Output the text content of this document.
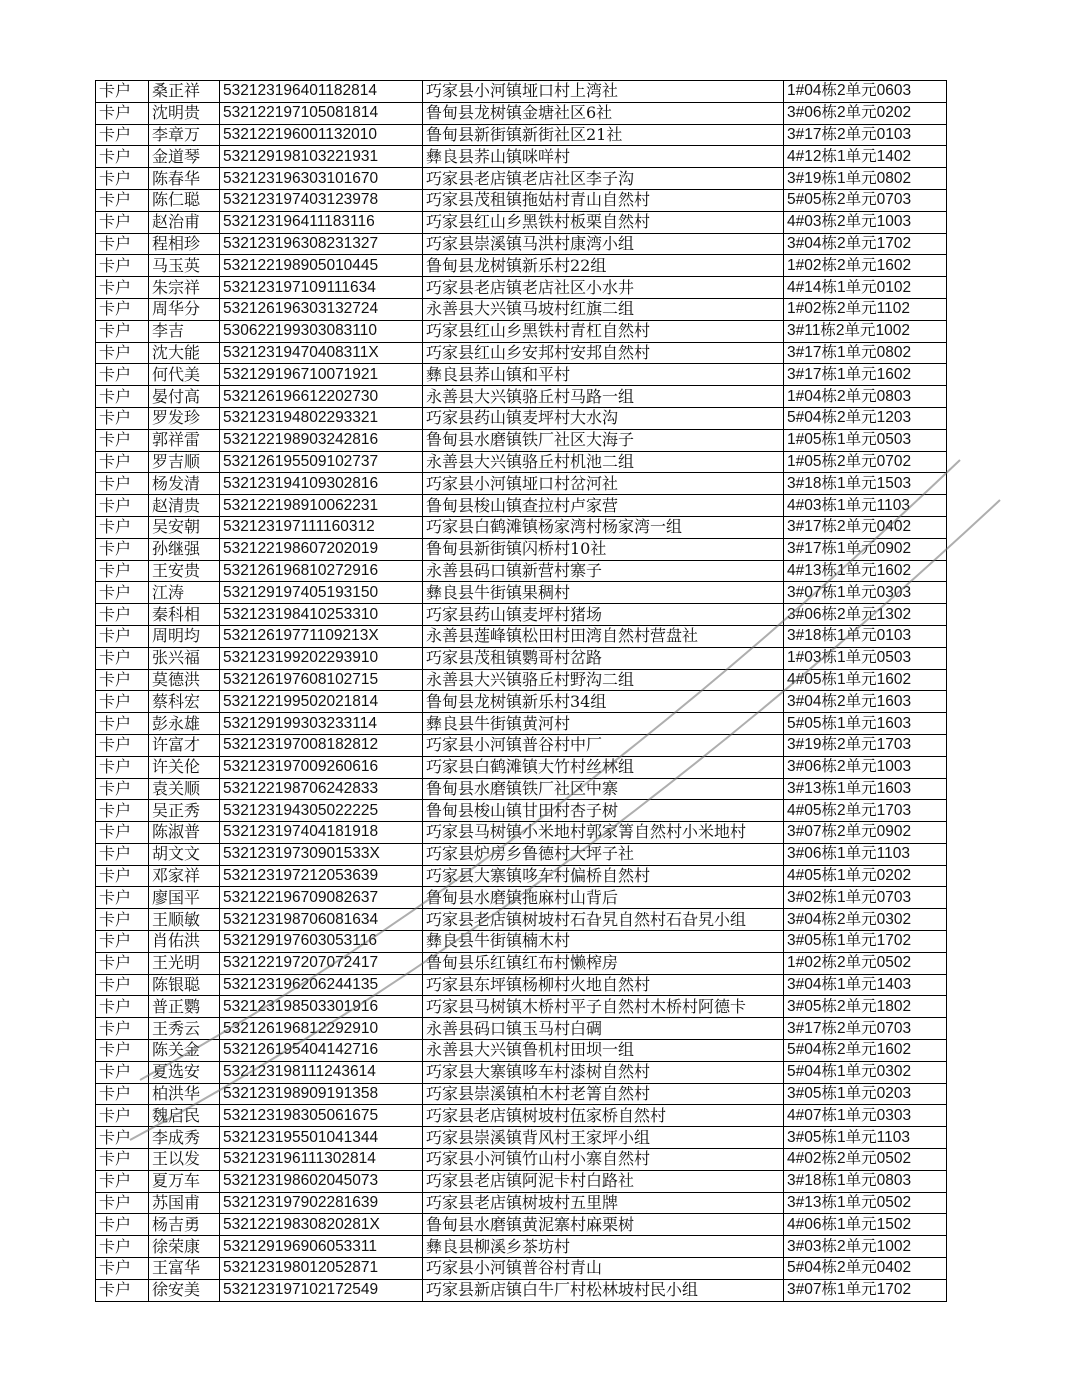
卡户	桑正祥	532123196401182814	巧家县小河镇垭口村上湾社	1#04栋2单元0603
卡户	沈明贵	532122197105081814	鲁甸县龙树镇金塘社区6社	3#06栋2单元0202
卡户	李章万	532122196001132010	鲁甸县新街镇新街社区21社	3#17栋2单元0103
卡户	金道琴	532129198103221931	彝良县荞山镇咪咩村	4#12栋1单元1402
卡户	陈春华	532123196303101670	巧家县老店镇老店社区李子沟	3#19栋1单元0802
卡户	陈仁聪	532123197403123978	巧家县茂租镇拖姑村青山自然村	5#05栋2单元0703
卡户	赵治甫	532123196411183116	巧家县红山乡黑铁村板栗自然村	4#03栋2单元1003
卡户	程相珍	532123196308231327	巧家县崇溪镇马洪村康湾小组	3#04栋2单元1702
卡户	马玉英	532122198905010445	鲁甸县龙树镇新乐村22组	1#02栋2单元1602
卡户	朱宗祥	532123197109111634	巧家县老店镇老店社区小水井	4#14栋1单元0102
卡户	周华分	532126196303132724	永善县大兴镇马坡村红旗二组	1#02栋2单元1102
卡户	李吉	530622199303083110	巧家县红山乡黑铁村青杠自然村	3#11栋2单元1002
卡户	沈大能	53212319470408311X	巧家县红山乡安邦村安邦自然村	3#17栋1单元0802
卡户	何代美	532129196710071921	彝良县荞山镇和平村	3#17栋1单元1602
卡户	晏付高	532126196612202730	永善县大兴镇骆丘村马路一组	1#04栋2单元0803
卡户	罗发珍	532123194802293321	巧家县药山镇麦坪村大水沟	5#04栋2单元1203
卡户	郭祥雷	532122198903242816	鲁甸县水磨镇铁厂社区大海子	1#05栋1单元0503
卡户	罗吉顺	532126195509102737	永善县大兴镇骆丘村机池二组	1#05栋2单元0702
卡户	杨发清	532123194109302816	巧家县小河镇垭口村岔河社	3#18栋1单元1503
卡户	赵清贵	532122198910062231	鲁甸县梭山镇查拉村卢家营	4#03栋1单元1103
卡户	吴安朝	532123197111160312	巧家县白鹤滩镇杨家湾村杨家湾一组	3#17栋2单元0402
卡户	孙继强	532122198607202019	鲁甸县新街镇闪桥村10社	3#17栋1单元0902
卡户	王安贵	532126196810272916	永善县码口镇新营村寨子	4#13栋1单元1602
卡户	江涛	532129197405193150	彝良县牛街镇果稠村	3#07栋1单元0303
卡户	秦科相	532123198410253310	巧家县药山镇麦坪村猪场	3#06栋2单元1302
卡户	周明均	53212619771109213X	永善县莲峰镇松田村田湾自然村营盘社	3#18栋1单元0103
卡户	张兴福	532123199202293910	巧家县茂租镇鹦哥村岔路	1#03栋1单元0503
卡户	莫德洪	532126197608102715	永善县大兴镇骆丘村野沟二组	4#05栋1单元1602
卡户	蔡科宏	532122199502021814	鲁甸县龙树镇新乐村34组	3#04栋2单元1603
卡户	彭永雄	532129199303233114	彝良县牛街镇黄河村	5#05栋1单元1603
卡户	许富才	532123197008182812	巧家县小河镇普谷村中厂	3#19栋2单元1703
卡户	许关伦	532123197009260616	巧家县白鹤滩镇大竹村丝林组	3#06栋2单元1003
卡户	袁关顺	532122198706242833	鲁甸县水磨镇铁厂社区中寨	3#13栋1单元1603
卡户	吴正秀	532123194305022225	鲁甸县梭山镇甘田村杏子树	4#05栋2单元1703
卡户	陈淑普	532123197404181918	巧家县马树镇小米地村郭家箐自然村小米地村	3#07栋2单元0902
卡户	胡文文	53212319730901533X	巧家县炉房乡鲁德村大坪子社	3#06栋1单元1103
卡户	邓家祥	532123197212053639	巧家县大寨镇哆车村偏桥自然村	4#05栋1单元0202
卡户	廖国平	532122196709082637	鲁甸县水磨镇拖麻村山背后	3#02栋1单元0703
卡户	王顺敏	532123198706081634	巧家县老店镇树坡村石旮旯自然村石旮旯小组	3#04栋2单元0302
卡户	肖佑洪	532129197603053116	彝良县牛街镇楠木村	3#05栋1单元1702
卡户	王光明	532122197207072417	鲁甸县乐红镇红布村懒榨房	1#02栋2单元0502
卡户	陈银聪	532123196206244135	巧家县东坪镇杨柳村火地自然村	3#04栋1单元1403
卡户	普正鹦	532123198503301916	巧家县马树镇木桥村平子自然村木桥村阿德卡	3#05栋2单元1802
卡户	王秀云	532126196812292910	永善县码口镇玉马村白碉	3#17栋2单元0703
卡户	陈关金	532126195404142716	永善县大兴镇鲁机村田坝一组	5#04栋2单元1602
卡户	夏选安	532123198111243614	巧家县大寨镇哆车村漆树自然村	5#04栋1单元0302
卡户	柏洪华	532123198909191358	巧家县崇溪镇柏木村老箐自然村	3#05栋1单元0203
卡户	魏启民	532123198305061675	巧家县老店镇树坡村伍家桥自然村	4#07栋1单元0303
卡户	李成秀	532123195501041344	巧家县崇溪镇背风村王家坪小组	3#05栋1单元1103
卡户	王以发	532123196111302814	巧家县小河镇竹山村小寨自然村	4#02栋2单元0502
卡户	夏万车	532123198602045073	巧家县老店镇阿泥卡村白路社	3#18栋1单元0803
卡户	苏国甫	532123197902281639	巧家县老店镇树坡村五里牌	3#13栋1单元0502
卡户	杨吉勇	53212219830820281X	鲁甸县水磨镇黄泥寨村麻栗树	4#06栋1单元1502
卡户	徐荣康	532129196906053311	彝良县柳溪乡茶坊村	3#03栋2单元1002
卡户	王富华	532123198012052871	巧家县小河镇普谷村青山	5#04栋2单元0402
卡户	徐安美	532123197102172549	巧家县新店镇白牛厂村松林坡村民小组	3#07栋1单元1702
